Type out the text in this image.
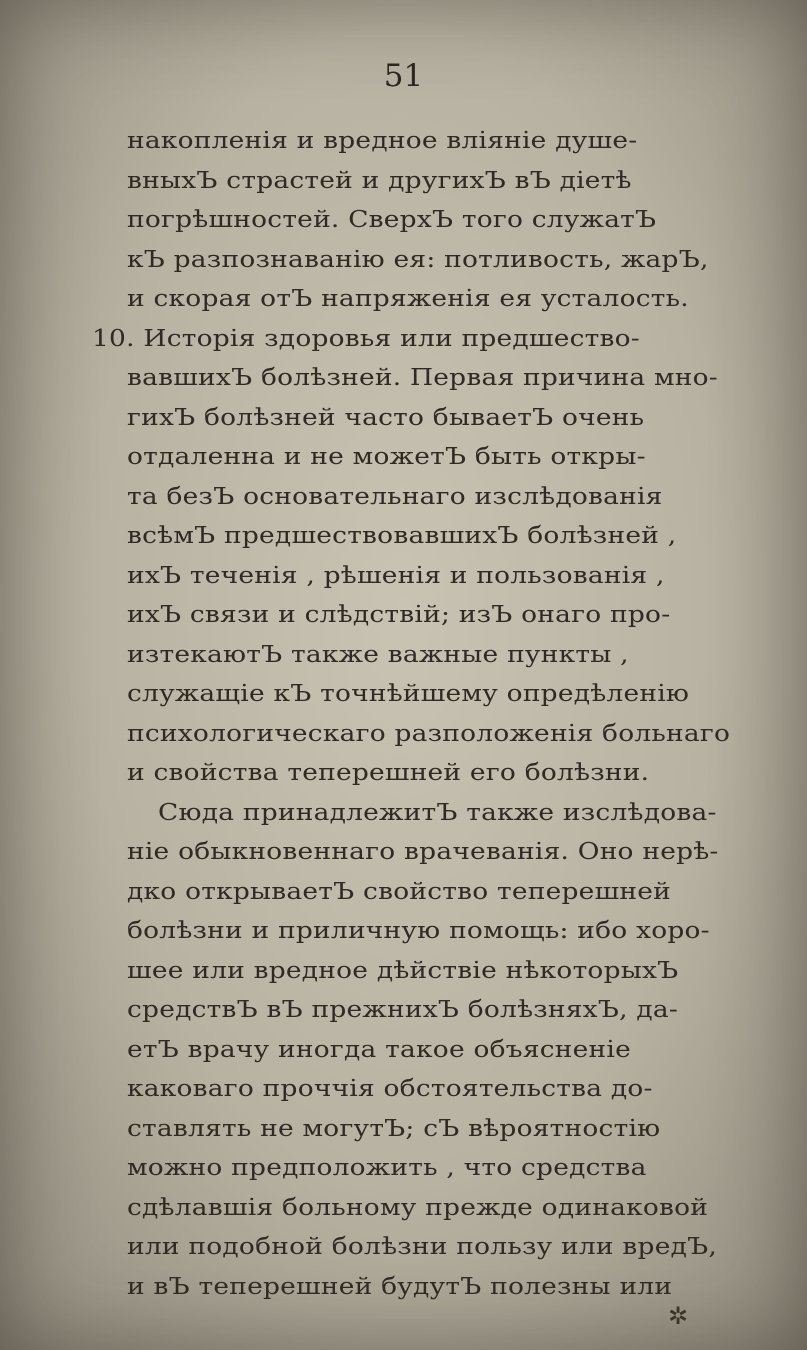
51
накопленія и вредное вліяніе душе-
вныхЪ страстей и другихЪ вЪ діетѣ
погрѣшностей. СверхЪ того служатЪ
кЪ разпознаванію ея: потливость, жарЪ,
и скорая отЪ напряженія ея усталость.
10. Исторія здоровья или предшество-
вавшихЪ болѣзней. Первая причина мно-
гихЪ болѣзней часто бываетЪ очень
отдаленна и не можетЪ быть откры-
та безЪ основательнаго изслѣдованія
всѣмЪ предшествовавшихЪ болѣзней ,
ихЪ теченія , рѣшенія и пользованія ,
ихЪ связи и слѣдствій; изЪ онаго про-
изтекаютЪ также важные пункты ,
служащіе кЪ точнѣйшему опредѣленію
психологическаго разположенія больнаго
и свойства теперешней его болѣзни.
Сюда принадлежитЪ также изслѣдова-
ніе обыкновеннаго врачеванія. Оно нерѣ-
дко открываетЪ свойство теперешней
болѣзни и приличную помощь: ибо хоро-
шее или вредное дѣйствіе нѣкоторыхЪ
средствЪ вЪ прежнихЪ болѣзняхЪ, да-
етЪ врачу иногда такое объясненіе
каковаго проччія обстоятельства до-
ставлять не могутЪ; сЪ вѣроятностію
можно предположить , что средства
сдѣлавшія больному прежде одинаковой
или подобной болѣзни пользу или вредЪ,
и вЪ теперешней будутЪ полезны или
✲
